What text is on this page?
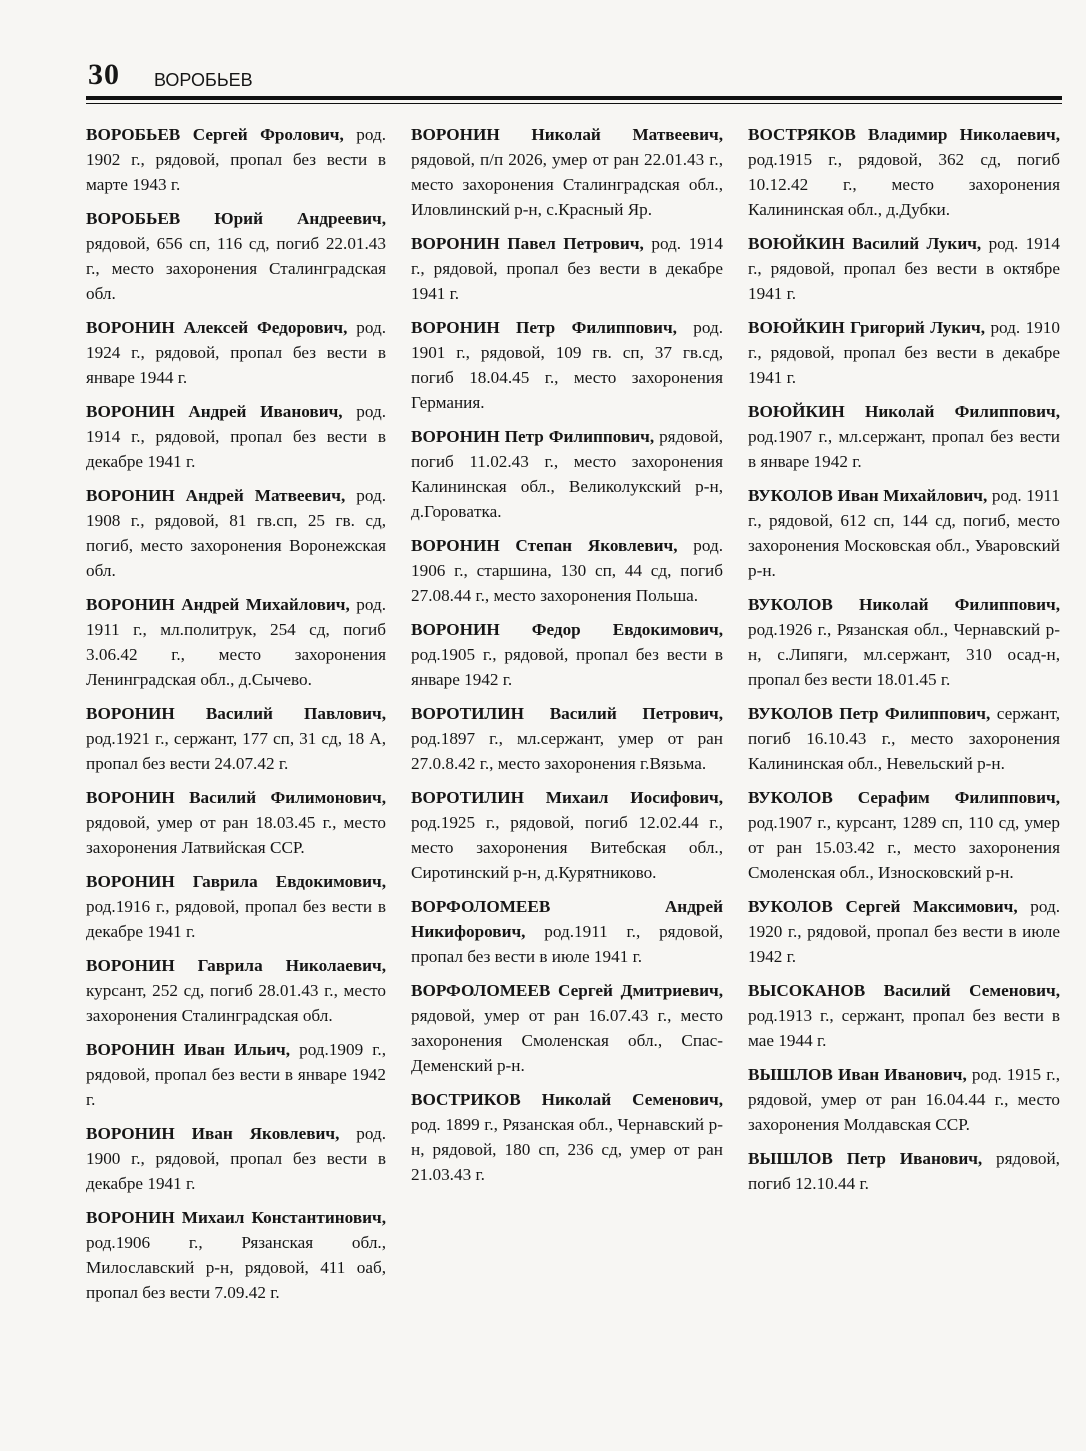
30 ВОРОБЬЕВ

ВОРОБЬЕВ Сергей Фролович, род. 1902 г., рядовой, пропал без вести в марте 1943 г.

ВОРОБЬЕВ Юрий Андреевич, рядовой, 656 сп, 116 сд, погиб 22.01.43 г., место захоронения Сталинградская обл.

ВОРОНИН Алексей Федорович, род. 1924 г., рядовой, пропал без вести в январе 1944 г.

ВОРОНИН Андрей Иванович, род. 1914 г., рядовой, пропал без вести в декабре 1941 г.

ВОРОНИН Андрей Матвеевич, род. 1908 г., рядовой, 81 гв.сп, 25 гв. сд, погиб, место захоронения Воронежская обл.

ВОРОНИН Андрей Михайлович, род. 1911 г., мл.политрук, 254 сд, погиб 3.06.42 г., место захоронения Ленинградская обл., д.Сычево.

ВОРОНИН Василий Павлович, род.1921 г., сержант, 177 сп, 31 сд, 18 А, пропал без вести 24.07.42 г.

ВОРОНИН Василий Филимонович, рядовой, умер от ран 18.03.45 г., место захоронения Латвийская ССР.

ВОРОНИН Гаврила Евдокимович, род.1916 г., рядовой, пропал без вести в декабре 1941 г.

ВОРОНИН Гаврила Николаевич, курсант, 252 сд, погиб 28.01.43 г., место захоронения Сталинградская обл.

ВОРОНИН Иван Ильич, род.1909 г., рядовой, пропал без вести в январе 1942 г.

ВОРОНИН Иван Яковлевич, род. 1900 г., рядовой, пропал без вести в декабре 1941 г.

ВОРОНИН Михаил Константинович, род.1906 г., Рязанская обл., Милославский р-н, рядовой, 411 оаб, пропал без вести 7.09.42 г.

ВОРОНИН Николай Матвеевич, рядовой, п/п 2026, умер от ран 22.01.43 г., место захоронения Сталинградская обл., Иловлинский р-н, с.Красный Яр.

ВОРОНИН Павел Петрович, род. 1914 г., рядовой, пропал без вести в декабре 1941 г.

ВОРОНИН Петр Филиппович, род. 1901 г., рядовой, 109 гв. сп, 37 гв.сд, погиб 18.04.45 г., место захоронения Германия.

ВОРОНИН Петр Филиппович, рядовой, погиб 11.02.43 г., место захоронения Калининская обл., Великолукский р-н, д.Горовaтка.

ВОРОНИН Степан Яковлевич, род. 1906 г., старшина, 130 сп, 44 сд, погиб 27.08.44 г., место захоронения Польша.

ВОРОНИН Федор Евдокимович, род.1905 г., рядовой, пропал без вести в январе 1942 г.

ВОРОТИЛИН Василий Петрович, род.1897 г., мл.сержант, умер от ран 27.0.8.42 г., место захоронения г.Вязьма.

ВОРОТИЛИН Михаил Иосифович, род.1925 г., рядовой, погиб 12.02.44 г., место захоронения Витебская обл., Сиротинский р-н, д.Курятниково.

ВОРФОЛОМЕЕВ Андрей Никифорович, род.1911 г., рядовой, пропал без вести в июле 1941 г.

ВОРФОЛОМЕЕВ Сергей Дмитриевич, рядовой, умер от ран 16.07.43 г., место захоронения Смоленская обл., Спас-Деменский р-н.

ВОСТРИКОВ Николай Семенович, род. 1899 г., Рязанская обл., Чернавский р-н, рядовой, 180 сп, 236 сд, умер от ран 21.03.43 г.

ВОСТРЯКОВ Владимир Николаевич, род.1915 г., рядовой, 362 сд, погиб 10.12.42 г., место захоронения Калининская обл., д.Дубки.

ВОЮЙКИН Василий Лукич, род. 1914 г., рядовой, пропал без вести в октябре 1941 г.

ВОЮЙКИН Григорий Лукич, род. 1910 г., рядовой, пропал без вести в декабре 1941 г.

ВОЮЙКИН Николай Филиппович, род.1907 г., мл.сержант, пропал без вести в январе 1942 г.

ВУКОЛОВ Иван Михайлович, род. 1911 г., рядовой, 612 сп, 144 сд, погиб, место захоронения Московская обл., Уваровский р-н.

ВУКОЛОВ Николай Филиппович, род.1926 г., Рязанская обл., Чернавский р-н, с.Липяги, мл.сержант, 310 осад-н, пропал без вести 18.01.45 г.

ВУКОЛОВ Петр Филиппович, сержант, погиб 16.10.43 г., место захоронения Калининская обл., Невельский р-н.

ВУКОЛОВ Серафим Филиппович, род.1907 г., курсант, 1289 сп, 110 сд, умер от ран 15.03.42 г., место захоронения Смоленская обл., Износковский р-н.

ВУКОЛОВ Сергей Максимович, род. 1920 г., рядовой, пропал без вести в июле 1942 г.

ВЫСОКАНОВ Василий Семенович, род.1913 г., сержант, пропал без вести в мае 1944 г.

ВЫШЛОВ Иван Иванович, род. 1915 г., рядовой, умер от ран 16.04.44 г., место захоронения Молдавская ССР.

ВЫШЛОВ Петр Иванович, рядовой, погиб 12.10.44 г.
